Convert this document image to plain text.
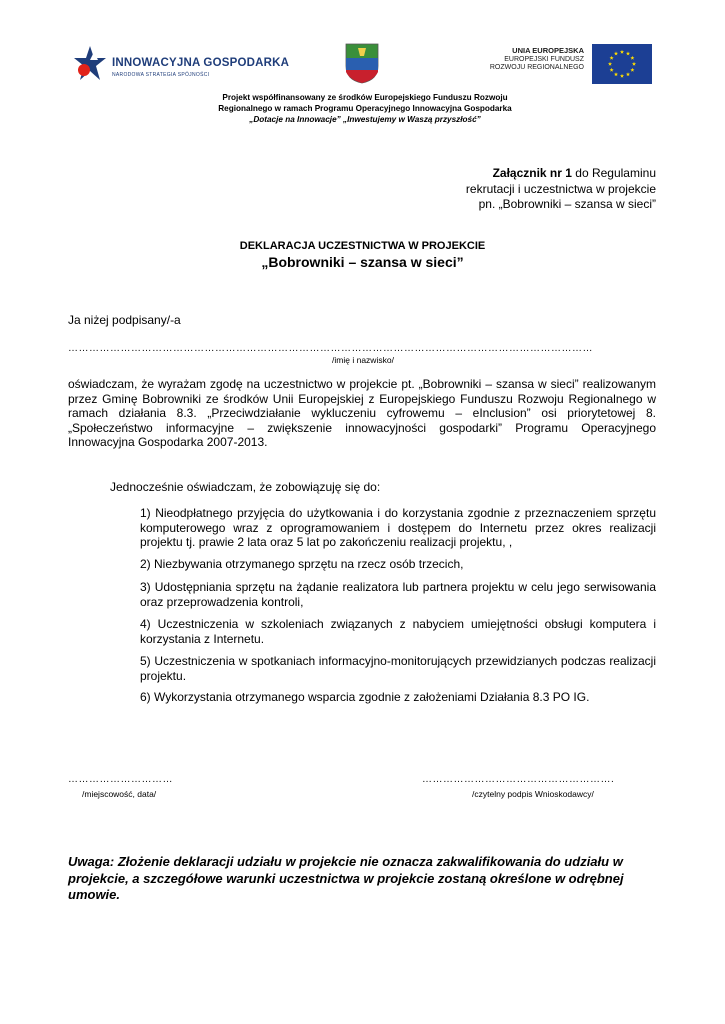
INNOWACYJNA GOSPODARKA
NARODOWA STRATEGIA SPÓJNOŚCI
UNIA EUROPEJSKA
EUROPEJSKI FUNDUSZ
ROZWOJU REGIONALNEGO
Projekt współfinansowany ze środków Europejskiego Funduszu Rozwoju
Regionalnego w ramach Programu Operacyjnego Innowacyjna Gospodarka
„Dotacje na Innowacje” „Inwestujemy w Waszą przyszłość”
Załącznik nr 1 do Regulaminu
rekrutacji i uczestnictwa w projekcie
pn. „Bobrowniki – szansa w sieci”
DEKLARACJA UCZESTNICTWA W PROJEKCIE
„Bobrowniki – szansa w sieci”
Ja niżej podpisany/-a
……………………………………………………………………………………………………………………………………
/imię i nazwisko/
oświadczam, że wyrażam zgodę na uczestnictwo w projekcie pt. „Bobrowniki – szansa w sieci” realizowanym przez Gminę Bobrowniki ze środków Unii Europejskiej z Europejskiego Funduszu Rozwoju Regionalnego w ramach działania 8.3. „Przeciwdziałanie wykluczeniu cyfrowemu – eInclusion” osi priorytetowej 8. „Społeczeństwo informacyjne – zwiększenie innowacyjności gospodarki” Programu Operacyjnego Innowacyjna Gospodarka 2007-2013.
Jednocześnie oświadczam, że zobowiązuję się do:
1) Nieodpłatnego przyjęcia do użytkowania i do korzystania zgodnie z przeznaczeniem sprzętu komputerowego wraz z oprogramowaniem i dostępem do Internetu przez okres realizacji projektu tj. prawie 2 lata oraz 5 lat po zakończeniu realizacji projektu, ,
2) Niezbywania otrzymanego sprzętu na rzecz osób trzecich,
3) Udostępniania sprzętu na żądanie realizatora lub partnera projektu w celu jego serwisowania oraz przeprowadzenia kontroli,
4) Uczestniczenia w szkoleniach związanych z nabyciem umiejętności obsługi komputera i korzystania z Internetu.
5) Uczestniczenia w spotkaniach informacyjno-monitorujących przewidzianych podczas realizacji projektu.
6) Wykorzystania otrzymanego wsparcia zgodnie z założeniami Działania 8.3 PO IG.
…………………………	……………………………………………….
/miejscowość, data/	/czytelny podpis Wnioskodawcy/
Uwaga: Złożenie deklaracji udziału w projekcie nie oznacza zakwalifikowania do udziału w projekcie, a szczegółowe warunki uczestnictwa w projekcie zostaną określone w odrębnej umowie.
